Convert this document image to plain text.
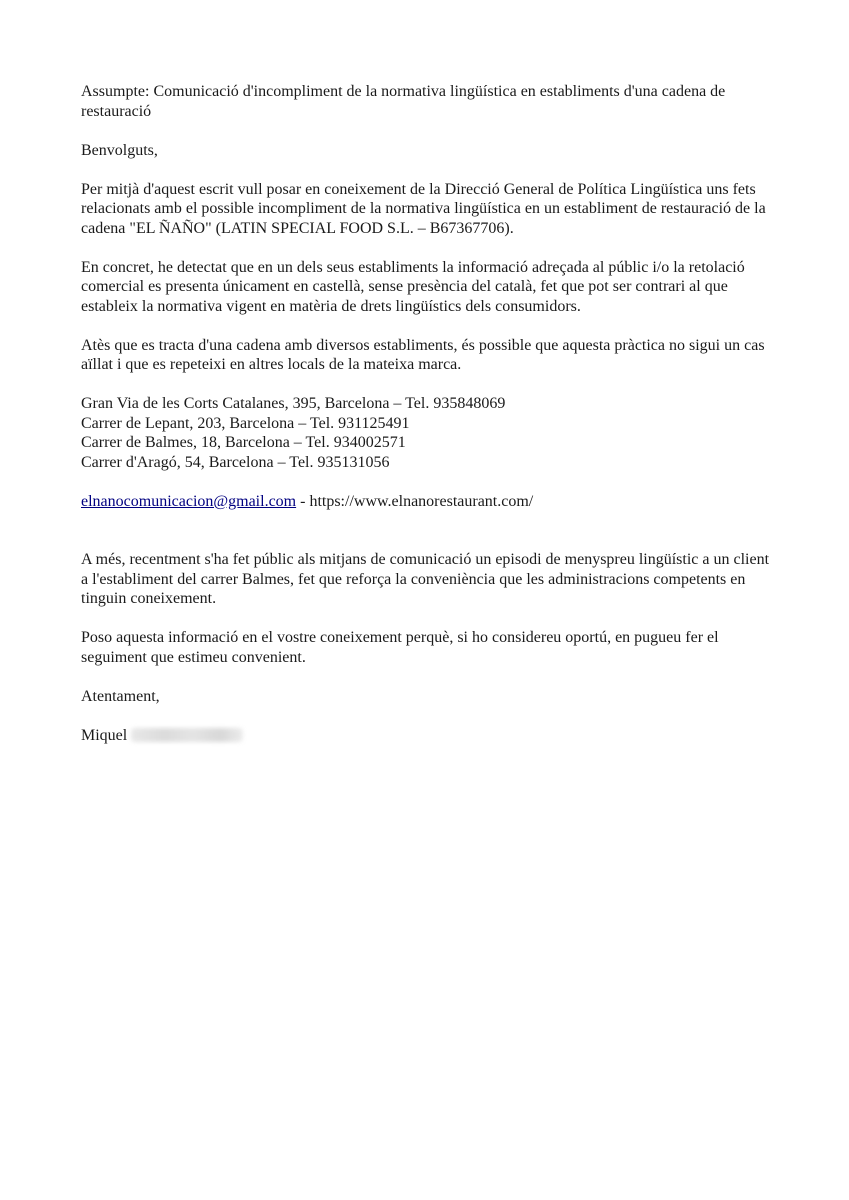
Assumpte: Comunicació d'incompliment de la normativa lingüística en establiments d'una cadena de restauració

Benvolguts,

Per mitjà d'aquest escrit vull posar en coneixement de la Direcció General de Política Lingüística uns fets relacionats amb el possible incompliment de la normativa lingüística en un establiment de restauració de la cadena "EL ÑAÑO" (LATIN SPECIAL FOOD S.L. – B67367706).

En concret, he detectat que en un dels seus establiments la informació adreçada al públic i/o la retolació comercial es presenta únicament en castellà, sense presència del català, fet que pot ser contrari al que estableix la normativa vigent en matèria de drets lingüístics dels consumidors.

Atès que es tracta d'una cadena amb diversos establiments, és possible que aquesta pràctica no sigui un cas aïllat i que es repeteixi en altres locals de la mateixa marca.

Gran Via de les Corts Catalanes, 395, Barcelona – Tel. 935848069

Carrer de Lepant, 203, Barcelona – Tel. 931125491

Carrer de Balmes, 18, Barcelona – Tel. 934002571

Carrer d'Aragó, 54, Barcelona – Tel. 935131056

elnanocomunicacion@gmail.com - https://www.elnanorestaurant.com/

A més, recentment s'ha fet públic als mitjans de comunicació un episodi de menyspreu lingüístic a un client a l'establiment del carrer Balmes, fet que reforça la conveniència que les administracions competents en tinguin coneixement.

Poso aquesta informació en el vostre coneixement perquè, si ho considereu oportú, en pugueu fer el seguiment que estimeu convenient.

Atentament,

Miquel
